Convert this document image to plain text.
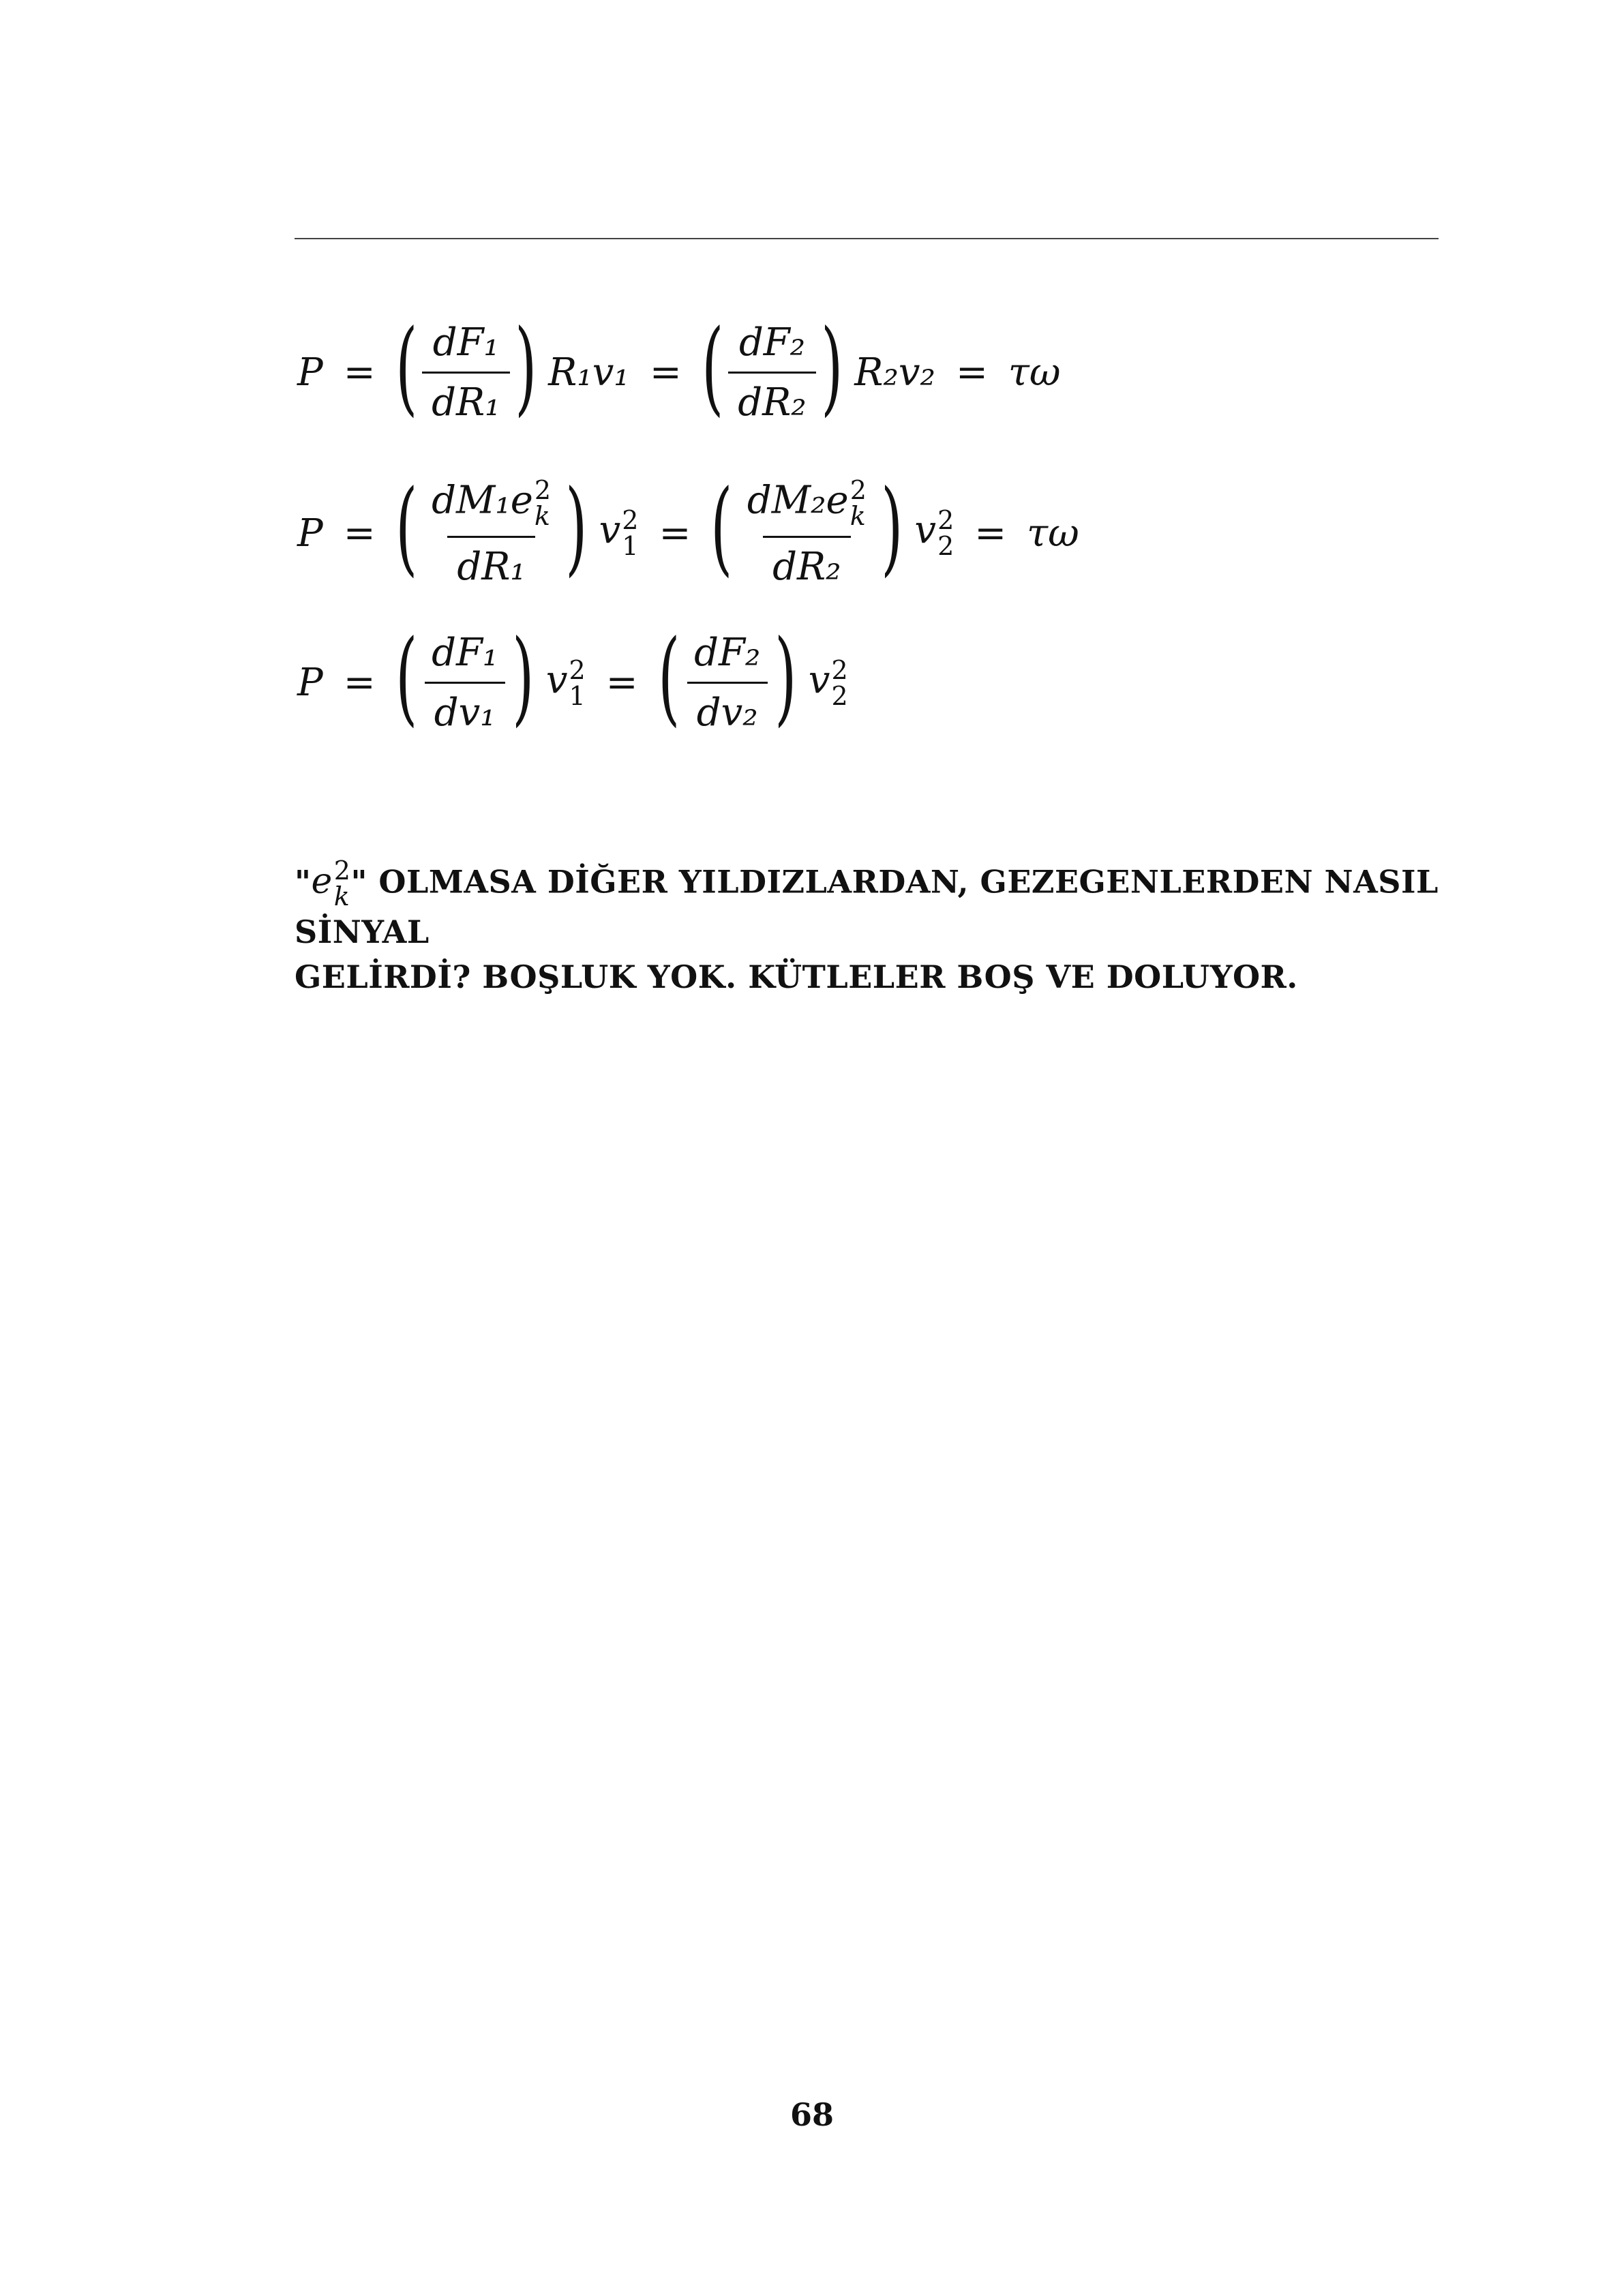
P = ( $\frac{\text{dF₁}}{\text{dR₁}}$ ) R₁v₁ = ( $\frac{\text{dF₂}}{\text{dR₂}}$ ) R₂v₂ = τω
P = ( dM₁e 2
k
dR₁ ) v 2
1 = ( dM₂e 2
k
dR₂ ) v 2
2 = τω
P = ( $\frac{\text{dF₁}}{\text{dv₁}}$ ) v 2
1 = ( $\frac{\text{dF₂}}{\text{dv₂}}$ ) v 2
2
"e 2
k " OLMASA DİĞER YILDIZLARDAN, GEZEGENLERDEN NASIL SİNYAL
GELİRDİ? BOŞLUK YOK. KÜTLELER BOŞ VE DOLUYOR.
68
